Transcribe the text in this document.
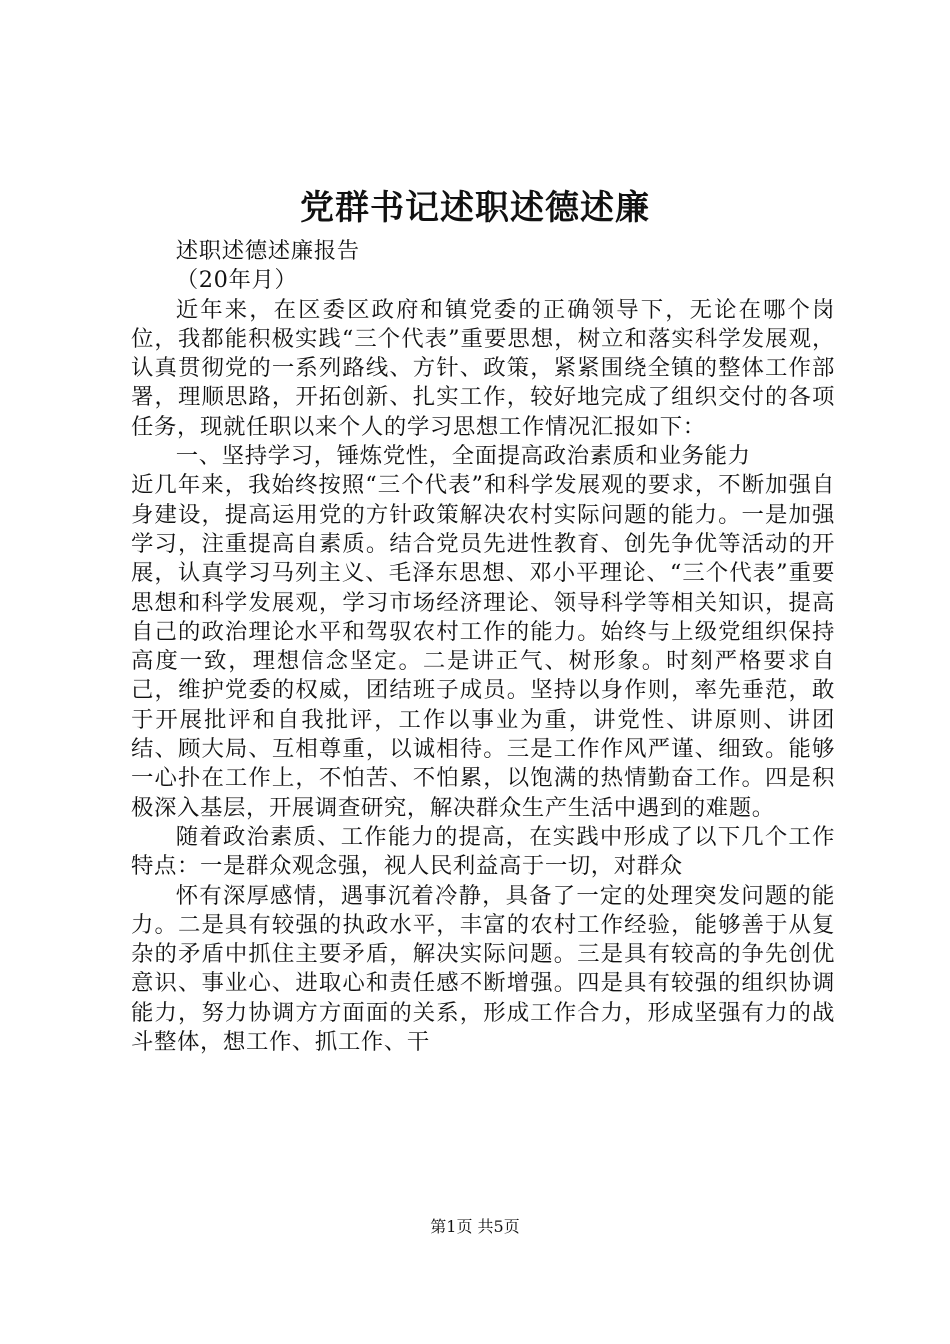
党群书记述职述德述廉

述职述德述廉报告

（20年月）

近年来，在区委区政府和镇党委的正确领导下，无论在哪个岗位，我都能积极实践“三个代表”重要思想，树立和落实科学发展观，认真贯彻党的一系列路线、方针、政策，紧紧围绕全镇的整体工作部署，理顺思路，开拓创新、扎实工作，较好地完成了组织交付的各项任务，现就任职以来个人的学习思想工作情况汇报如下：

一、坚持学习，锤炼党性，全面提高政治素质和业务能力

近几年来，我始终按照“三个代表”和科学发展观的要求，不断加强自身建设，提高运用党的方针政策解决农村实际问题的能力。一是加强学习，注重提高自素质。结合党员先进性教育、创先争优等活动的开展，认真学习马列主义、毛泽东思想、邓小平理论、“三个代表”重要思想和科学发展观，学习市场经济理论、领导科学等相关知识，提高自己的政治理论水平和驾驭农村工作的能力。始终与上级党组织保持高度一致，理想信念坚定。二是讲正气、树形象。时刻严格要求自己，维护党委的权威，团结班子成员。坚持以身作则，率先垂范，敢于开展批评和自我批评，工作以事业为重，讲党性、讲原则、讲团结、顾大局、互相尊重，以诚相待。三是工作作风严谨、细致。能够一心扑在工作上，不怕苦、不怕累，以饱满的热情勤奋工作。四是积极深入基层，开展调查研究，解决群众生产生活中遇到的难题。

随着政治素质、工作能力的提高，在实践中形成了以下几个工作特点：一是群众观念强，视人民利益高于一切，对群众

怀有深厚感情，遇事沉着冷静，具备了一定的处理突发问题的能力。二是具有较强的执政水平，丰富的农村工作经验，能够善于从复杂的矛盾中抓住主要矛盾，解决实际问题。三是具有较高的争先创优意识、事业心、进取心和责任感不断增强。四是具有较强的组织协调能力，努力协调方方面面的关系，形成工作合力，形成坚强有力的战斗整体，想工作、抓工作、干

第1页 共5页
